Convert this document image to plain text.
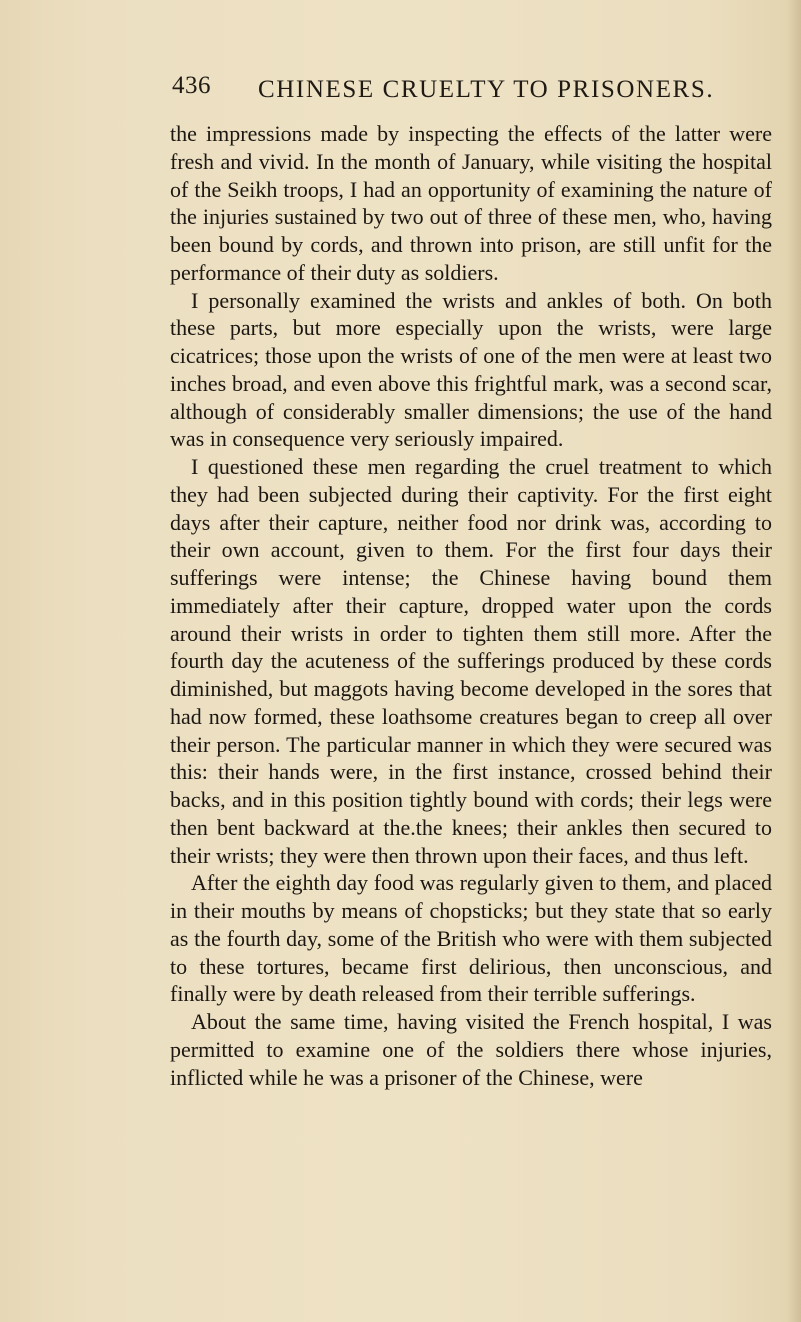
436 CHINESE CRUELTY TO PRISONERS.

the impressions made by inspecting the effects of the latter were fresh and vivid. In the month of January, while visiting the hospital of the Seikh troops, I had an opportunity of examining the nature of the injuries sustained by two out of three of these men, who, having been bound by cords, and thrown into prison, are still unfit for the performance of their duty as soldiers.

I personally examined the wrists and ankles of both. On both these parts, but more especially upon the wrists, were large cicatrices; those upon the wrists of one of the men were at least two inches broad, and even above this frightful mark, was a second scar, although of considerably smaller dimensions; the use of the hand was in consequence very seriously impaired.

I questioned these men regarding the cruel treatment to which they had been subjected during their captivity. For the first eight days after their capture, neither food nor drink was, according to their own account, given to them. For the first four days their sufferings were intense; the Chinese having bound them immediately after their capture, dropped water upon the cords around their wrists in order to tighten them still more. After the fourth day the acuteness of the sufferings produced by these cords diminished, but maggots having become developed in the sores that had now formed, these loathsome creatures began to creep all over their person. The particular manner in which they were secured was this: their hands were, in the first instance, crossed behind their backs, and in this position tightly bound with cords; their legs were then bent backward at the.the knees; their ankles then secured to their wrists; they were then thrown upon their faces, and thus left.

After the eighth day food was regularly given to them, and placed in their mouths by means of chopsticks; but they state that so early as the fourth day, some of the British who were with them subjected to these tortures, became first delirious, then unconscious, and finally were by death released from their terrible sufferings.

About the same time, having visited the French hospital, I was permitted to examine one of the soldiers there whose injuries, inflicted while he was a prisoner of the Chinese, were
